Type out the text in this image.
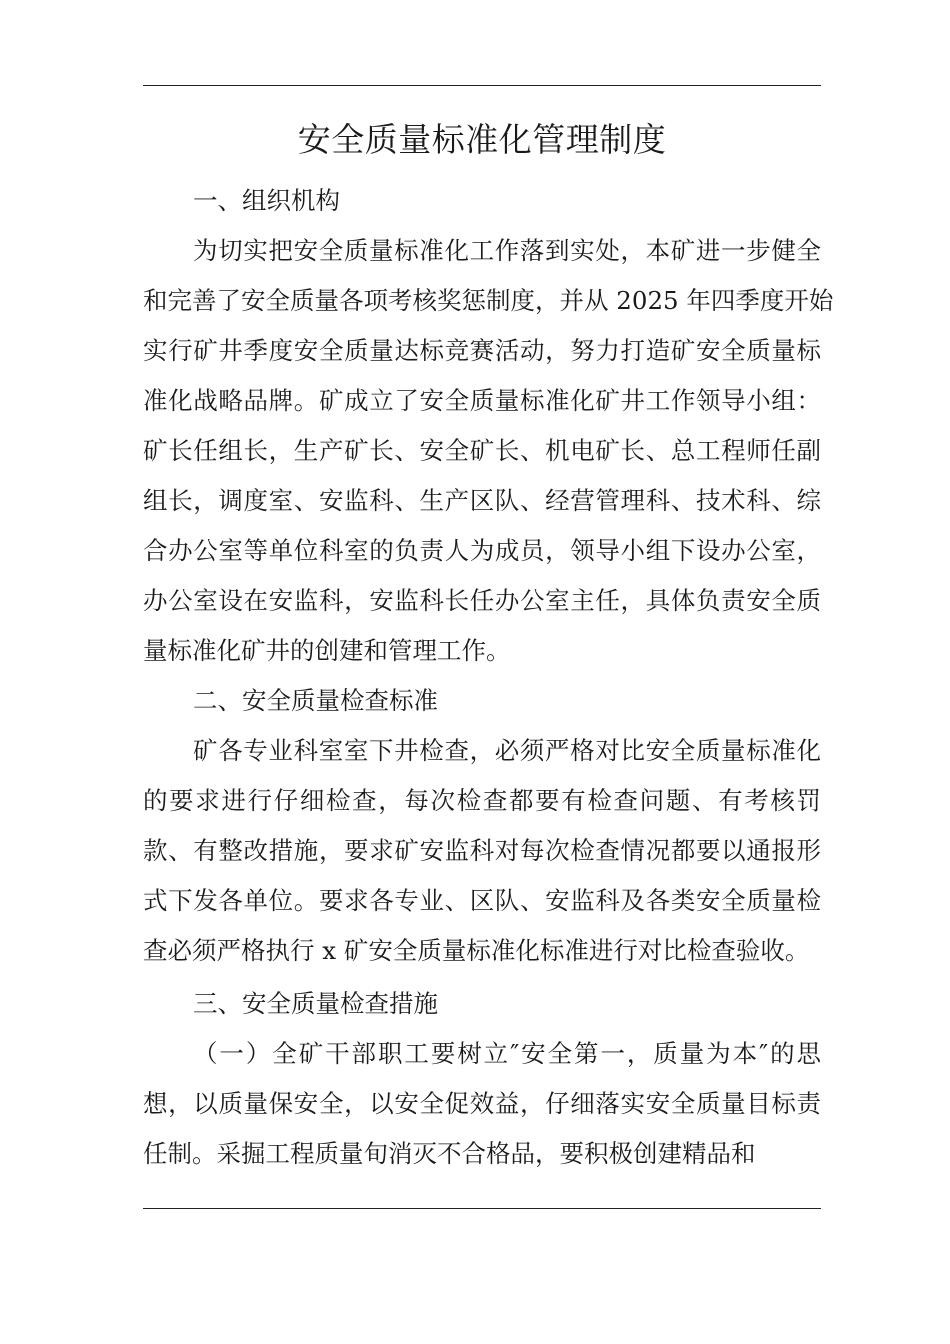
安全质量标准化管理制度
一、组织机构
为切实把安全质量标准化工作落到实处，本矿进一步健全
和完善了安全质量各项考核奖惩制度，并从 2025 年四季度开始
实行矿井季度安全质量达标竞赛活动，努力打造矿安全质量标
准化战略品牌。矿成立了安全质量标准化矿井工作领导小组：
矿长任组长，生产矿长、安全矿长、机电矿长、总工程师任副
组长，调度室、安监科、生产区队、经营管理科、技术科、综
合办公室等单位科室的负责人为成员，领导小组下设办公室，
办公室设在安监科，安监科长任办公室主任，具体负责安全质
量标准化矿井的创建和管理工作。
二、安全质量检查标准
矿各专业科室室下井检查，必须严格对比安全质量标准化
的要求进行仔细检查，每次检查都要有检查问题、有考核罚
款、有整改措施，要求矿安监科对每次检查情况都要以通报形
式下发各单位。要求各专业、区队、安监科及各类安全质量检
查必须严格执行 x 矿安全质量标准化标准进行对比检查验收。
三、安全质量检查措施
（一）全矿干部职工要树立″安全第一，质量为本″的思
想，以质量保安全，以安全促效益，仔细落实安全质量目标责
任制。采掘工程质量旬消灭不合格品，要积极创建精品和
